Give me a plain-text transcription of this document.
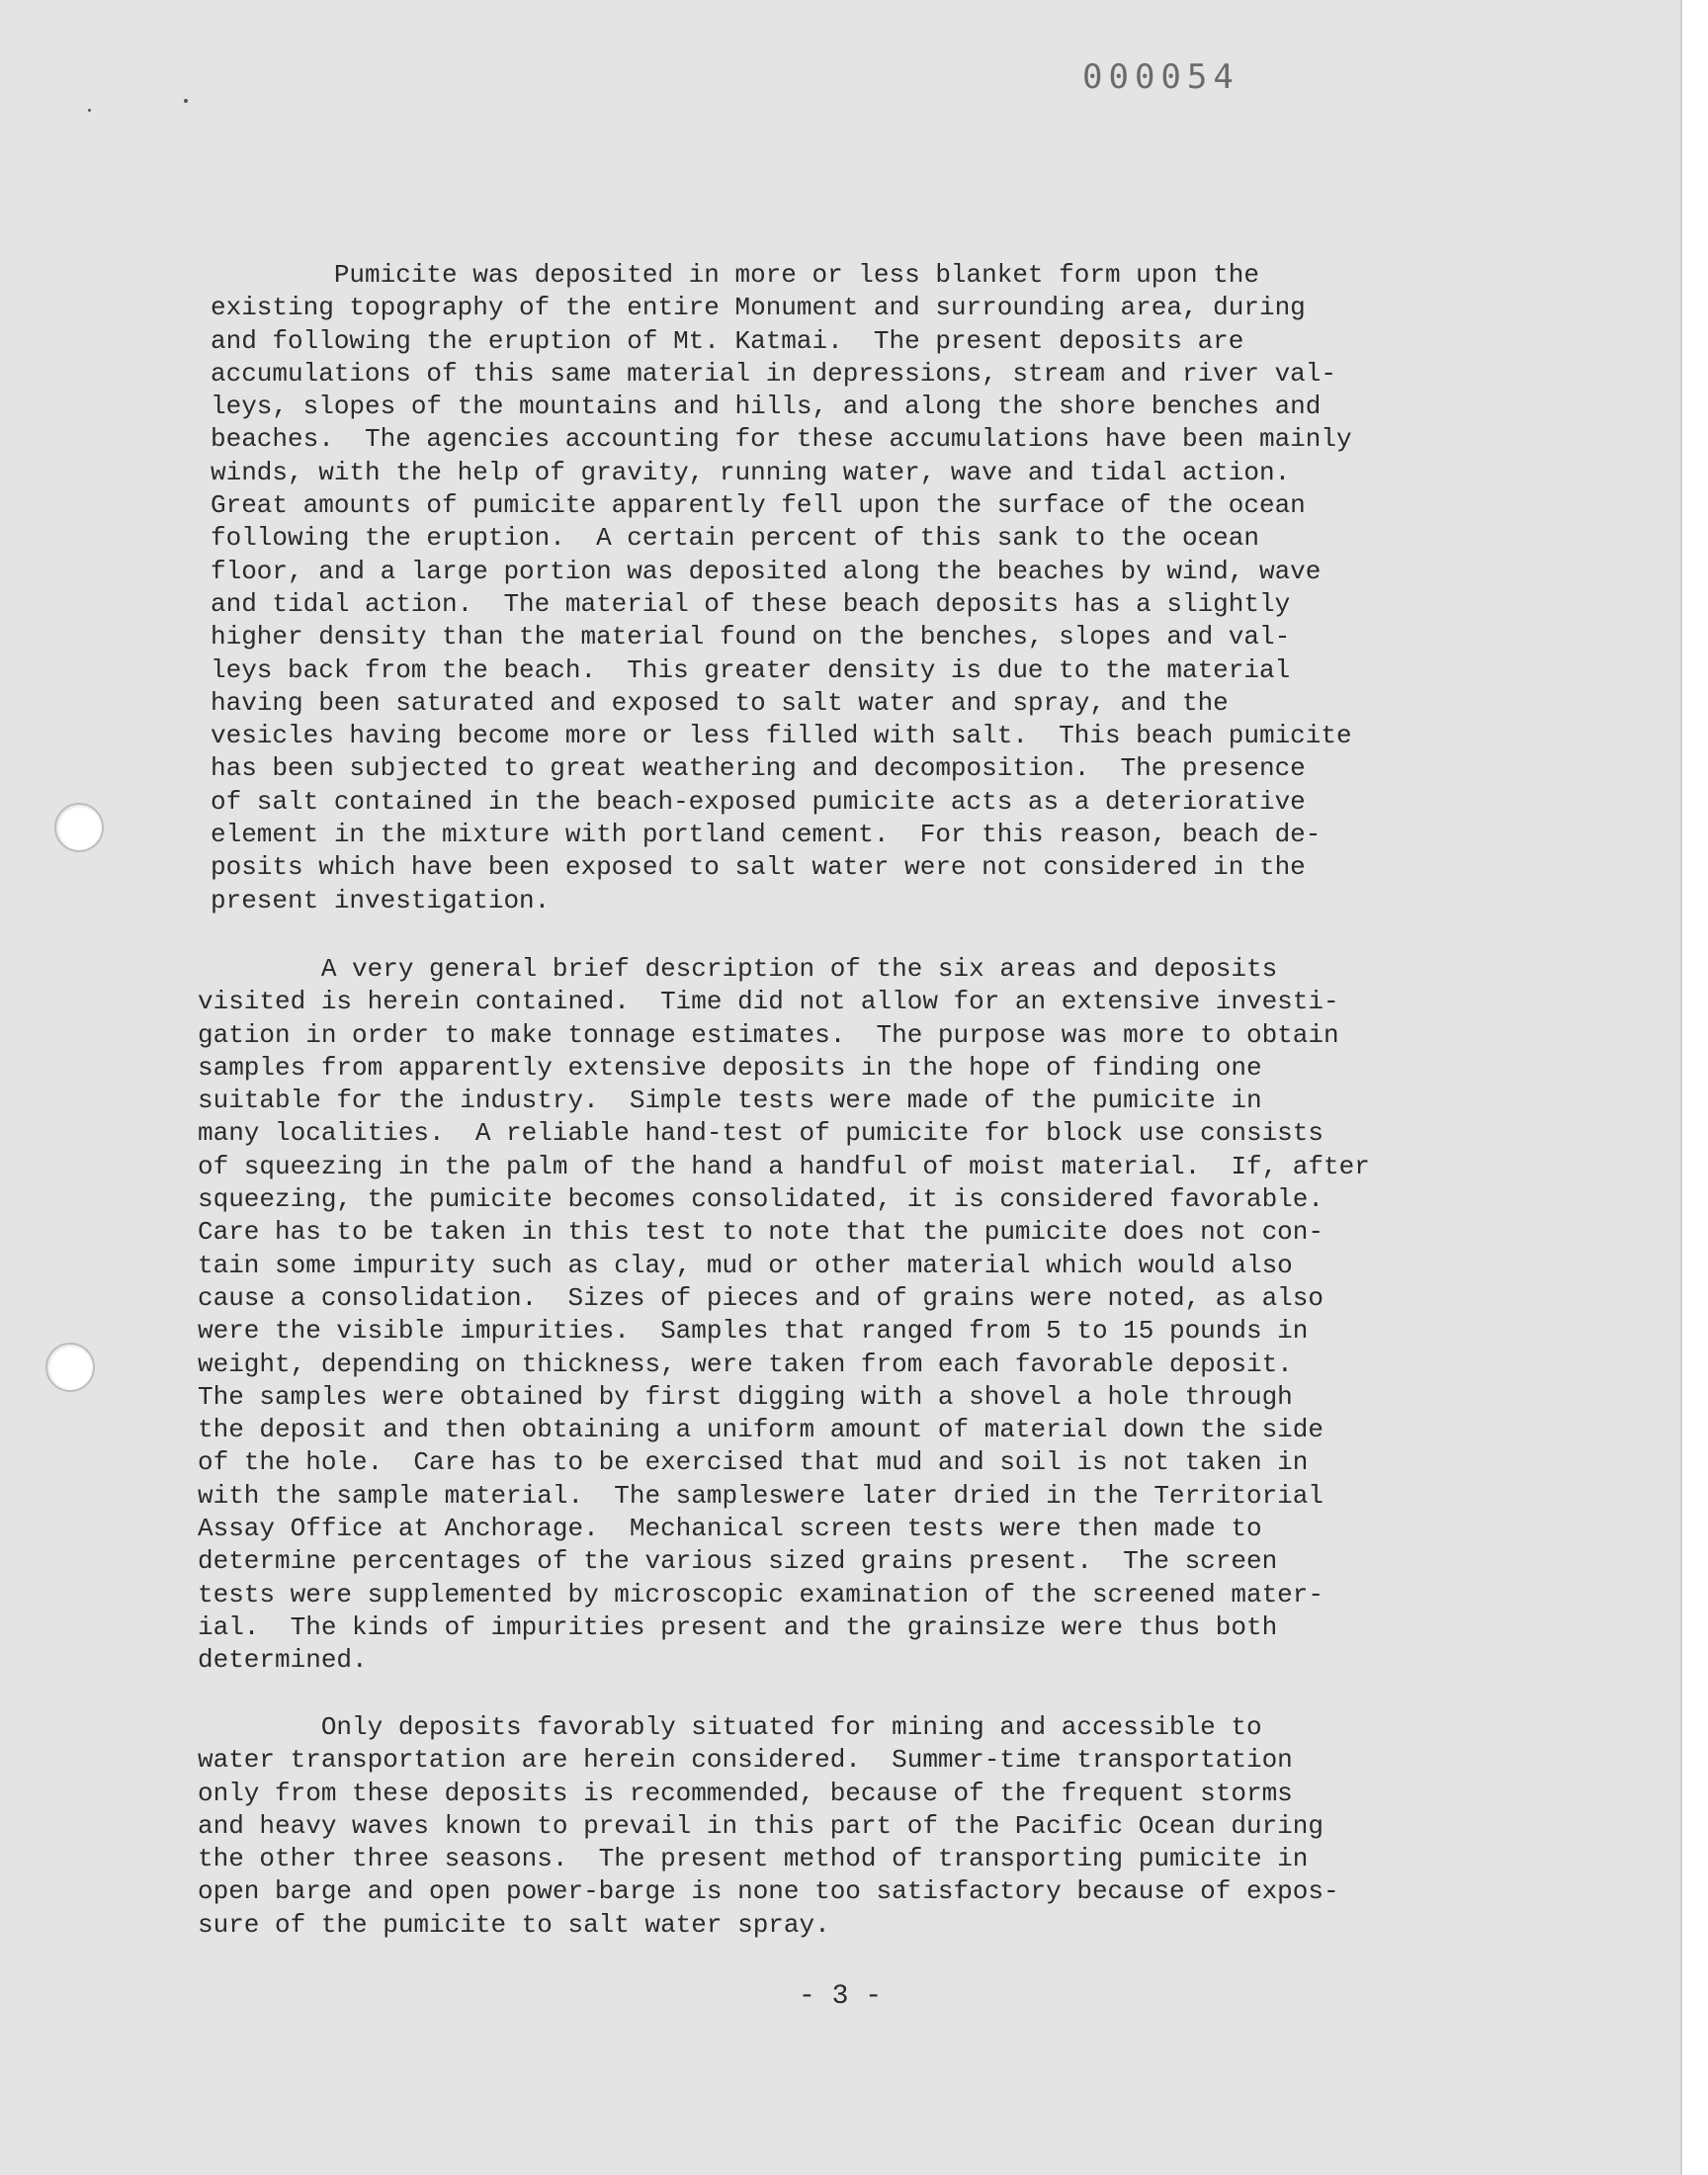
000054

Pumicite was deposited in more or less blanket form upon the
existing topography of the entire Monument and surrounding area, during
and following the eruption of Mt. Katmai.  The present deposits are
accumulations of this same material in depressions, stream and river val-
leys, slopes of the mountains and hills, and along the shore benches and
beaches.  The agencies accounting for these accumulations have been mainly
winds, with the help of gravity, running water, wave and tidal action.
Great amounts of pumicite apparently fell upon the surface of the ocean
following the eruption.  A certain percent of this sank to the ocean
floor, and a large portion was deposited along the beaches by wind, wave
and tidal action.  The material of these beach deposits has a slightly
higher density than the material found on the benches, slopes and val-
leys back from the beach.  This greater density is due to the material
having been saturated and exposed to salt water and spray, and the
vesicles having become more or less filled with salt.  This beach pumicite
has been subjected to great weathering and decomposition.  The presence
of salt contained in the beach-exposed pumicite acts as a deteriorative
element in the mixture with portland cement.  For this reason, beach de-
posits which have been exposed to salt water were not considered in the
present investigation.

A very general brief description of the six areas and deposits
visited is herein contained.  Time did not allow for an extensive investi-
gation in order to make tonnage estimates.  The purpose was more to obtain
samples from apparently extensive deposits in the hope of finding one
suitable for the industry.  Simple tests were made of the pumicite in
many localities.  A reliable hand-test of pumicite for block use consists
of squeezing in the palm of the hand a handful of moist material.  If, after
squeezing, the pumicite becomes consolidated, it is considered favorable.
Care has to be taken in this test to note that the pumicite does not con-
tain some impurity such as clay, mud or other material which would also
cause a consolidation.  Sizes of pieces and of grains were noted, as also
were the visible impurities.  Samples that ranged from 5 to 15 pounds in
weight, depending on thickness, were taken from each favorable deposit.
The samples were obtained by first digging with a shovel a hole through
the deposit and then obtaining a uniform amount of material down the side
of the hole.  Care has to be exercised that mud and soil is not taken in
with the sample material.  The sampleswere later dried in the Territorial
Assay Office at Anchorage.  Mechanical screen tests were then made to
determine percentages of the various sized grains present.  The screen
tests were supplemented by microscopic examination of the screened mater-
ial.  The kinds of impurities present and the grainsize were thus both
determined.

Only deposits favorably situated for mining and accessible to
water transportation are herein considered.  Summer-time transportation
only from these deposits is recommended, because of the frequent storms
and heavy waves known to prevail in this part of the Pacific Ocean during
the other three seasons.  The present method of transporting pumicite in
open barge and open power-barge is none too satisfactory because of expos-
sure of the pumicite to salt water spray.

- 3 -
